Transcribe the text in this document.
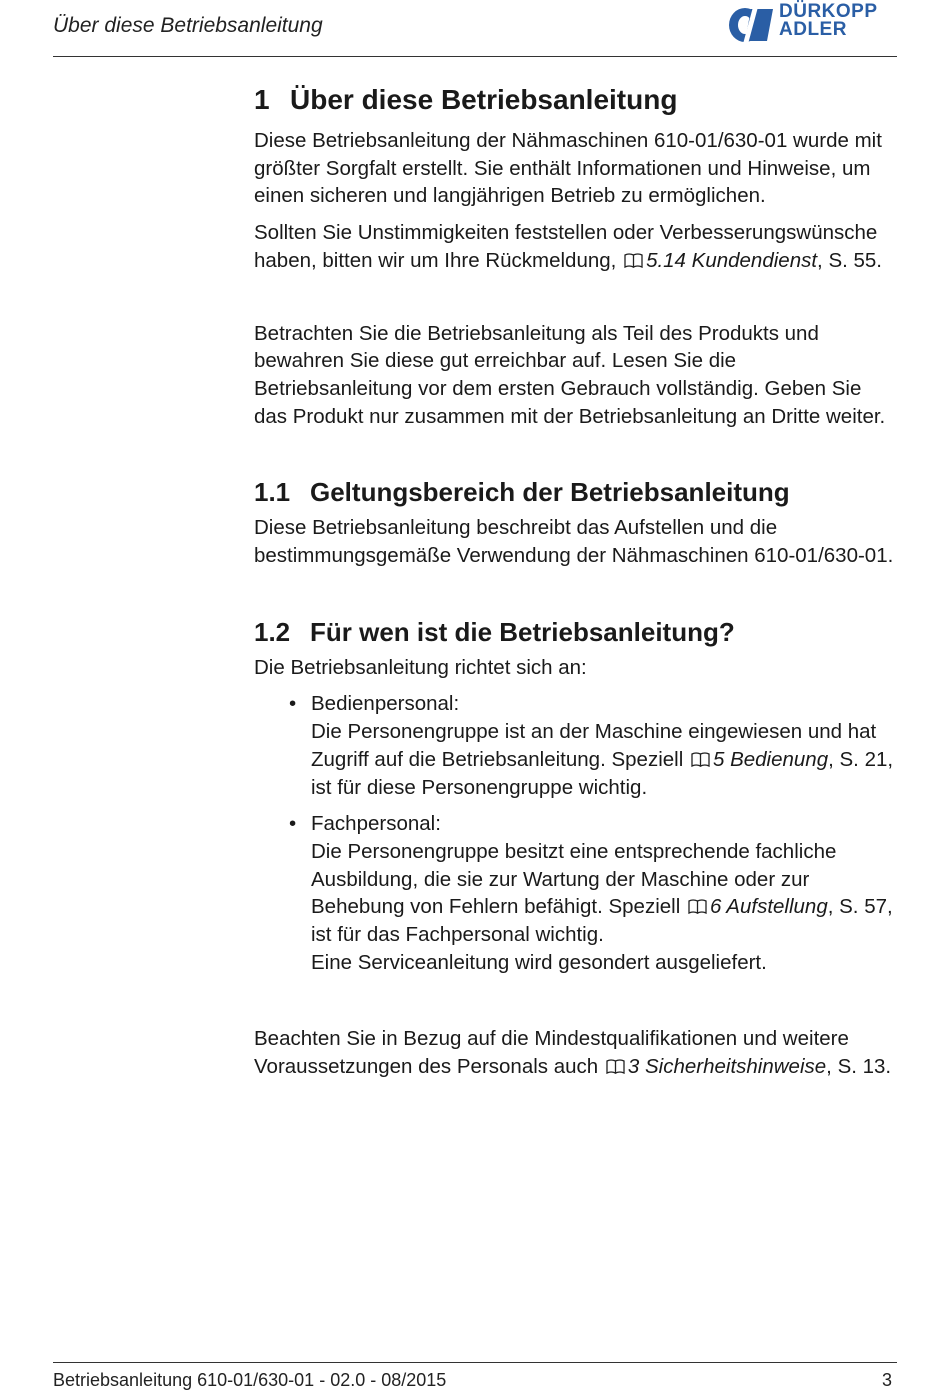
Über diese Betriebsanleitung
DÜRKOPP
ADLER
1 Über diese Betriebsanleitung

Diese Betriebsanleitung der Nähmaschinen 610-01/630-01 wurde mit größter Sorgfalt erstellt. Sie enthält Informationen und Hinweise, um einen sicheren und langjährigen Betrieb zu ermöglichen.

Sollten Sie Unstimmigkeiten feststellen oder Verbesserungswünsche haben, bitten wir um Ihre Rückmeldung, 5.14 Kundendienst, S. 55.

Betrachten Sie die Betriebsanleitung als Teil des Produkts und bewahren Sie diese gut erreichbar auf. Lesen Sie die Betriebsanleitung vor dem ersten Gebrauch vollständig. Geben Sie das Produkt nur zusammen mit der Betriebsanleitung an Dritte weiter.

1.1 Geltungsbereich der Betriebsanleitung

Diese Betriebsanleitung beschreibt das Aufstellen und die bestimmungsgemäße Verwendung der Nähmaschinen 610-01/630-01.

1.2 Für wen ist die Betriebsanleitung?

Die Betriebsanleitung richtet sich an:

• Bedienpersonal:
Die Personengruppe ist an der Maschine eingewiesen und hat Zugriff auf die Betriebsanleitung. Speziell 5 Bedienung, S. 21, ist für diese Personengruppe wichtig.
• Fachpersonal:
Die Personengruppe besitzt eine entsprechende fachliche Ausbildung, die sie zur Wartung der Maschine oder zur Behebung von Fehlern befähigt. Speziell 6 Aufstellung, S. 57, ist für das Fachpersonal wichtig.
Eine Serviceanleitung wird gesondert ausgeliefert.

Beachten Sie in Bezug auf die Mindestqualifikationen und weitere Voraussetzungen des Personals auch 3 Sicherheitshinweise, S. 13.

Betriebsanleitung 610-01/630-01 - 02.0 - 08/2015	3
